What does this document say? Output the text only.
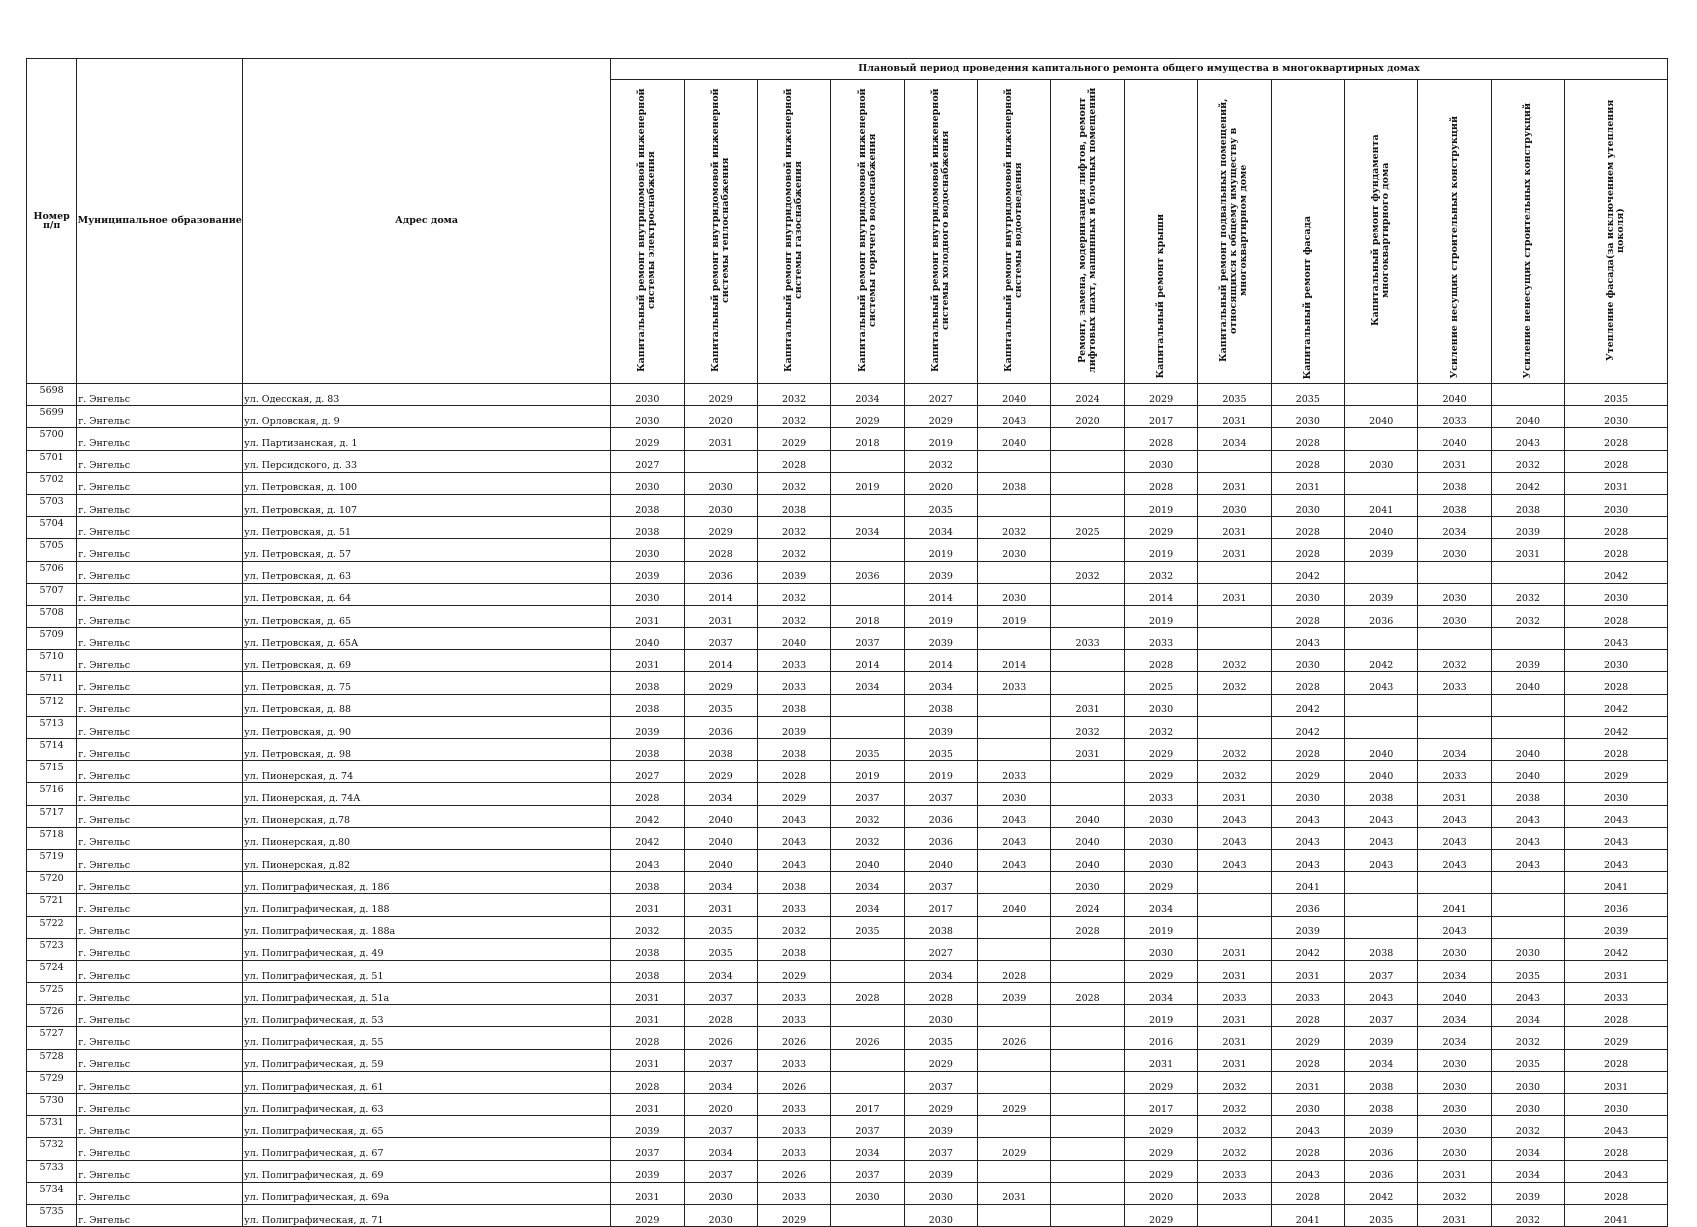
Номер п/п	Муниципальное образование	Адрес дома	Плановый период проведения капитального ремонта общего имущества в многоквартирных домах													

			Капитальный ремонт внутридомовой инженерной системы электроснабжения	Капитальный ремонт внутридомовой инженерной системы теплоснабжения	Капитальный ремонт внутридомовой инженерной системы газоснабжения	Капитальный ремонт внутридомовой инженерной системы горячего водоснабжения	Капитальный ремонт внутридомовой инженерной системы холодного водоснабжения	Капитальный ремонт внутридомовой инженерной системы водоотведения	Ремонт, замена, модернизация лифтов, ремонт лифтовых шахт, машинных и блочных помещений	Капитальный ремонт крыши	Капитальный ремонт подвальных помещений, относящихся к общему имуществу в многоквартирном доме	Капитальный ремонт фасада	Капитальный ремонт фундамента многоквартирного дома	Усиление несущих строительных конструкций	Усиление ненесущих строительных конструкций	Утепление фасада(за исключением утепления цоколя)

5698	г. Энгельс	ул. Одесская, д. 83	2030	2029	2032	2034	2027	2040	2024	2029	2035	2035		2040		2035
5699	г. Энгельс	ул. Орловская, д. 9	2030	2020	2032	2029	2029	2043	2020	2017	2031	2030	2040	2033	2040	2030
5700	г. Энгельс	ул. Партизанская, д. 1	2029	2031	2029	2018	2019	2040		2028	2034	2028		2040	2043	2028
5701	г. Энгельс	ул. Персидского, д. 33	2027		2028		2032			2030		2028	2030	2031	2032	2028
5702	г. Энгельс	ул. Петровская, д. 100	2030	2030	2032	2019	2020	2038		2028	2031	2031		2038	2042	2031
5703	г. Энгельс	ул. Петровская, д. 107	2038	2030	2038		2035			2019	2030	2030	2041	2038	2038	2030
5704	г. Энгельс	ул. Петровская, д. 51	2038	2029	2032	2034	2034	2032	2025	2029	2031	2028	2040	2034	2039	2028
5705	г. Энгельс	ул. Петровская, д. 57	2030	2028	2032		2019	2030		2019	2031	2028	2039	2030	2031	2028
5706	г. Энгельс	ул. Петровская, д. 63	2039	2036	2039	2036	2039		2032	2032		2042				2042
5707	г. Энгельс	ул. Петровская, д. 64	2030	2014	2032		2014	2030		2014	2031	2030	2039	2030	2032	2030
5708	г. Энгельс	ул. Петровская, д. 65	2031	2031	2032	2018	2019	2019		2019		2028	2036	2030	2032	2028
5709	г. Энгельс	ул. Петровская, д. 65А	2040	2037	2040	2037	2039		2033	2033		2043				2043
5710	г. Энгельс	ул. Петровская, д. 69	2031	2014	2033	2014	2014	2014		2028	2032	2030	2042	2032	2039	2030
5711	г. Энгельс	ул. Петровская, д. 75	2038	2029	2033	2034	2034	2033		2025	2032	2028	2043	2033	2040	2028
5712	г. Энгельс	ул. Петровская, д. 88	2038	2035	2038		2038		2031	2030		2042				2042
5713	г. Энгельс	ул. Петровская, д. 90	2039	2036	2039		2039		2032	2032		2042				2042
5714	г. Энгельс	ул. Петровская, д. 98	2038	2038	2038	2035	2035		2031	2029	2032	2028	2040	2034	2040	2028
5715	г. Энгельс	ул. Пионерская, д. 74	2027	2029	2028	2019	2019	2033		2029	2032	2029	2040	2033	2040	2029
5716	г. Энгельс	ул. Пионерская, д. 74А	2028	2034	2029	2037	2037	2030		2033	2031	2030	2038	2031	2038	2030
5717	г. Энгельс	ул. Пионерская, д.78	2042	2040	2043	2032	2036	2043	2040	2030	2043	2043	2043	2043	2043	2043
5718	г. Энгельс	ул. Пионерская, д.80	2042	2040	2043	2032	2036	2043	2040	2030	2043	2043	2043	2043	2043	2043
5719	г. Энгельс	ул. Пионерская, д.82	2043	2040	2043	2040	2040	2043	2040	2030	2043	2043	2043	2043	2043	2043
5720	г. Энгельс	ул. Полиграфическая, д. 186	2038	2034	2038	2034	2037		2030	2029		2041				2041
5721	г. Энгельс	ул. Полиграфическая, д. 188	2031	2031	2033	2034	2017	2040	2024	2034		2036		2041		2036
5722	г. Энгельс	ул. Полиграфическая, д. 188а	2032	2035	2032	2035	2038		2028	2019		2039		2043		2039
5723	г. Энгельс	ул. Полиграфическая, д. 49	2038	2035	2038		2027			2030	2031	2042	2038	2030	2030	2042
5724	г. Энгельс	ул. Полиграфическая, д. 51	2038	2034	2029		2034	2028		2029	2031	2031	2037	2034	2035	2031
5725	г. Энгельс	ул. Полиграфическая, д. 51а	2031	2037	2033	2028	2028	2039	2028	2034	2033	2033	2043	2040	2043	2033
5726	г. Энгельс	ул. Полиграфическая, д. 53	2031	2028	2033		2030			2019	2031	2028	2037	2034	2034	2028
5727	г. Энгельс	ул. Полиграфическая, д. 55	2028	2026	2026	2026	2035	2026		2016	2031	2029	2039	2034	2032	2029
5728	г. Энгельс	ул. Полиграфическая, д. 59	2031	2037	2033		2029			2031	2031	2028	2034	2030	2035	2028
5729	г. Энгельс	ул. Полиграфическая, д. 61	2028	2034	2026		2037			2029	2032	2031	2038	2030	2030	2031
5730	г. Энгельс	ул. Полиграфическая, д. 63	2031	2020	2033	2017	2029	2029		2017	2032	2030	2038	2030	2030	2030
5731	г. Энгельс	ул. Полиграфическая, д. 65	2039	2037	2033	2037	2039			2029	2032	2043	2039	2030	2032	2043
5732	г. Энгельс	ул. Полиграфическая, д. 67	2037	2034	2033	2034	2037	2029		2029	2032	2028	2036	2030	2034	2028
5733	г. Энгельс	ул. Полиграфическая, д. 69	2039	2037	2026	2037	2039			2029	2033	2043	2036	2031	2034	2043
5734	г. Энгельс	ул. Полиграфическая, д. 69а	2031	2030	2033	2030	2030	2031		2020	2033	2028	2042	2032	2039	2028
5735	г. Энгельс	ул. Полиграфическая, д. 71	2029	2030	2029		2030			2029		2041	2035	2031	2032	2041
